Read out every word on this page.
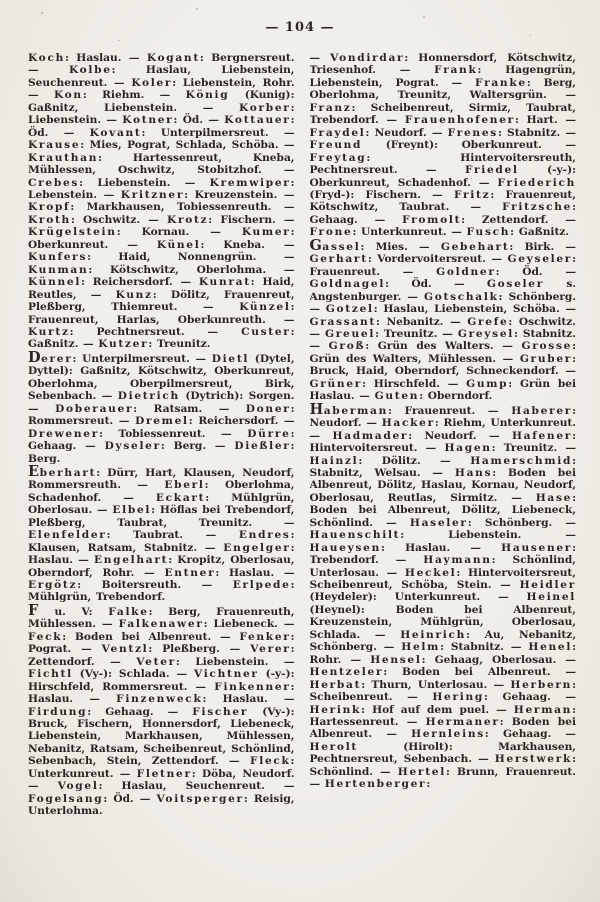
— 104 —

Koch: Haslau. — Kogant: Bergnersreut. — Kolbe: Haslau, Liebenstein, Seuchenreut. — Koler: Liebenstein, Rohr. — Kon: Riehm. — König (Kunig): Gaßnitz, Liebenstein. — Korber: Liebenstein. — Kotner: Öd. — Kottauer: Öd. — Kovant: Unterpilmersreut. — Krause: Mies, Pograt, Schlada, Schöba. — Krauthan: Hartessenreut, Kneba, Mühlessen, Oschwitz, Stobitzhof. — Crebes: Liebenstein. — Kremwiper: Lebenstein. — Kritzner: Kreuzenstein. — Kropf: Markhausen, Tobiessenreuth. — Kroth: Oschwitz. — Krotz: Fischern. — Krügelstein: Kornau. — Kumer: Oberkunreut. — Künel: Kneba. — Kunfers: Haid, Nonnengrün. — Kunman: Kötschwitz, Oberlohma. — Künnel: Reichersdorf. — Kunrat: Haid, Reutles, — Kunz: Dölitz, Frauenreut, Pleßberg, Thiemreut. — Künzel: Frauenreut, Harlas, Oberkunreuth. — Kurtz: Pechtnersreut. — Custer: Gaßnitz. — Kutzer: Treunitz.

Derer: Unterpilmersreut. — Dietl (Dytel, Dyttel): Gaßnitz, Kötschwitz, Oberkunreut, Oberlohma, Oberpilmersreut, Birk, Sebenbach. — Dietrich (Dytrich): Sorgen. — Doberauer: Ratsam. — Doner: Rommersreut. — Dremel: Reichersdorf. — Drewener: Tobiessenreut. — Dürre: Gehaag. — Dyseler: Berg. — Dießler: Berg.

Eberhart: Dürr, Hart, Klausen, Neudorf, Rommersreuth. — Eberl: Oberlohma, Schadenhof. — Eckart: Mühlgrün, Oberlosau. — Elbel: Höflas bei Trebendorf, Pleßberg, Taubrat, Treunitz. — Elenfelder: Taubrat. — Endres: Klausen, Ratsam, Stabnitz. — Engelger: Haslau. — Engelhart: Kropitz, Oberlosau, Oberndorf, Rohr. — Entner: Haslau. — Ergötz: Boitersreuth. — Erlpede: Mühlgrün, Trebendorf.

F u. V: Falke: Berg, Frauenreuth, Mühlessen. — Falkenawer: Liebeneck. — Feck: Boden bei Albenreut. — Fenker: Pograt. — Ventzl: Pleßberg. — Verer: Zettendorf. — Veter: Liebenstein. — Fichtl (Vy-): Schlada. — Vichtner (-y-): Hirschfeld, Rommersreut. — Finkenner: Haslau. — Finzenweck: Haslau. — Firdung: Gehaag. — Fischer (Vy-): Bruck, Fischern, Honnersdorf, Liebeneck, Liebenstein, Markhausen, Mühlessen, Nebanitz, Ratsam, Scheibenreut, Schönlind, Sebenbach, Stein, Zettendorf. — Fleck: Unterkunreut. — Fletner: Döba, Neudorf. — Vogel: Haslau, Seuchenreut. — Fogelsang: Öd. — Voitsperger: Reisig, Unterlohma.

— Vondirdar: Honnersdorf, Kötschwitz, Triesenhof. — Frank: Hagengrün, Liebenstein, Pograt. — Franke: Berg, Oberlohma, Treunitz, Waltersgrün. — Franz: Scheibenreut, Sirmiz, Taubrat, Trebendorf. — Frauenhofener: Hart. — Fraydel: Neudorf. — Frenes: Stabnitz. — Freund (Freynt): Oberkunreut. — Freytag: Hintervoitersreuth, Pechtnersreut. — Friedel (-y-): Oberkunreut, Schadenhof. — Friederich (Fryd-): Fischern. — Fritz: Frauenreut, Kötschwitz, Taubrat. — Fritzsche: Gehaag. — Fromolt: Zettendorf. — Frone: Unterkunreut. — Fusch: Gaßnitz.

Gassel: Mies. — Gebehart: Birk. — Gerhart: Vordervoitersreut. — Geyseler: Frauenreut. — Goldner: Öd. — Goldnagel: Öd. — Goseler s. Angstenburger. — Gotschalk: Schönberg. — Gotzel: Haslau, Liebenstein, Schöba. — Grassant: Nebanitz. — Grefe: Oschwitz. — Greuel: Treunitz. — Greysel: Stabnitz. — Groß: Grün des Walters. — Grosse: Grün des Walters, Mühlessen. — Gruber: Bruck, Haid, Oberndorf, Schneckendorf. — Grüner: Hirschfeld. — Gump: Grün bei Haslau. — Guten: Oberndorf.

Haberman: Frauenreut. — Haberer: Neudorf. — Hacker: Riehm, Unterkunreut. — Hadmader: Neudorf. — Hafener: Hintervoitersreut. — Hagen: Treunitz. — Hainzl: Dölitz. — Hamerschmid: Stabnitz, Welsau. — Hans: Boden bei Albenreut, Dölitz, Haslau, Kornau, Neudorf, Oberlosau, Reutlas, Sirmitz. — Hase: Boden bei Albenreut, Dölitz, Liebeneck, Schönlind. — Haseler: Schönberg. — Hauenschilt: Liebenstein. — Haueysen: Haslau. — Hausener: Trebendorf. — Haymann: Schönlind, Unterlosau. — Heckel: Hintervoitersreut, Scheibenreut, Schöba, Stein. — Heidler (Heydeler): Unterkunreut. — Heinel (Heynel): Boden bei Albenreut, Kreuzenstein, Mühlgrün, Oberlosau, Schlada. — Heinrich: Au, Nebanitz, Schönberg. — Helm: Stabnitz. — Henel: Rohr. — Hensel: Gehaag, Oberlosau. — Hentzeler: Boden bei Albenreut. — Herbat: Thurn, Unterlosau. — Herbern: Scheibenreut. — Hering: Gehaag. — Herink: Hof auf dem puel. — Herman: Hartessenreut. — Hermaner: Boden bei Albenreut. — Hernleins: Gehaag. — Herolt (Hirolt): Markhausen, Pechtnersreut, Sebenbach. — Herstwerk: Schönlind. — Hertel: Brunn, Frauenreut. — Hertenberger:
